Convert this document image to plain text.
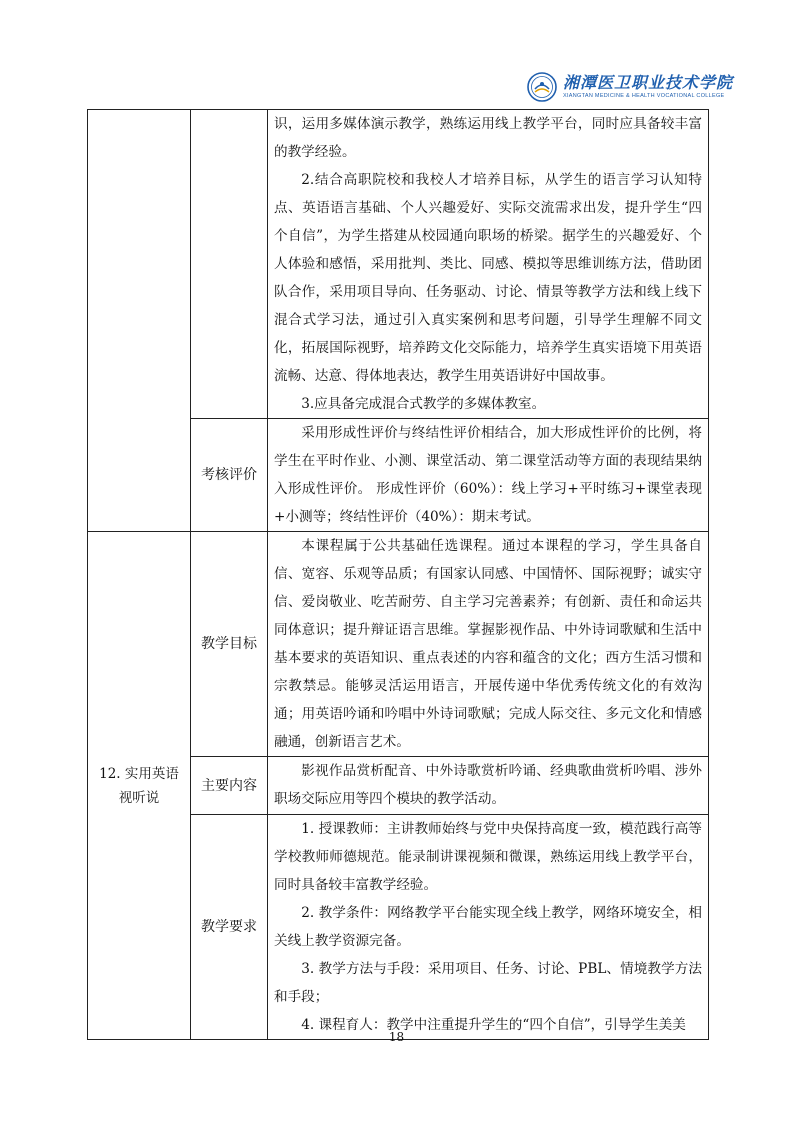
湘潭医卫职业技术学院
XIANGTAN MEDICINE & HEALTH VOCATIONAL COLLEGE

		识，运用多媒体演示教学，熟练运用线上教学平台，同时应具备较丰富的教学经验。

2.结合高职院校和我校人才培养目标，从学生的语言学习认知特点、英语语言基础、个人兴趣爱好、实际交流需求出发，提升学生“四个自信”，为学生搭建从校园通向职场的桥梁。据学生的兴趣爱好、个人体验和感悟，采用批判、类比、同感、模拟等思维训练方法，借助团队合作，采用项目导向、任务驱动、讨论、情景等教学方法和线上线下混合式学习法，通过引入真实案例和思考问题，引导学生理解不同文化，拓展国际视野，培养跨文化交际能力，培养学生真实语境下用英语流畅、达意、得体地表达，教学生用英语讲好中国故事。

3.应具备完成混合式教学的多媒体教室。

	考核评价	采用形成性评价与终结性评价相结合，加大形成性评价的比例，将学生在平时作业、小测、课堂活动、第二课堂活动等方面的表现结果纳入形成性评价。 形成性评价（60%）：线上学习+平时练习+课堂表现+小测等；终结性评价（40%）：期末考试。

12. 实用英语视听说	教学目标	本课程属于公共基础任选课程。通过本课程的学习，学生具备自信、宽容、乐观等品质；有国家认同感、中国情怀、国际视野；诚实守信、爱岗敬业、吃苦耐劳、自主学习完善素养；有创新、责任和命运共同体意识；提升辩证语言思维。掌握影视作品、中外诗词歌赋和生活中基本要求的英语知识、重点表述的内容和蕴含的文化；西方生活习惯和宗教禁忌。能够灵活运用语言，开展传递中华优秀传统文化的有效沟通；用英语吟诵和吟唱中外诗词歌赋；完成人际交往、多元文化和情感融通，创新语言艺术。

	主要内容	影视作品赏析配音、中外诗歌赏析吟诵、经典歌曲赏析吟唱、涉外职场交际应用等四个模块的教学活动。

	教学要求	1. 授课教师：主讲教师始终与党中央保持高度一致，模范践行高等学校教师师德规范。能录制讲课视频和微课，熟练运用线上教学平台，同时具备较丰富教学经验。

2. 教学条件：网络教学平台能实现全线上教学，网络环境安全，相关线上教学资源完备。

3. 教学方法与手段：采用项目、任务、讨论、PBL、情境教学方法和手段；

4. 课程育人：教学中注重提升学生的“四个自信”，引导学生美美

18
